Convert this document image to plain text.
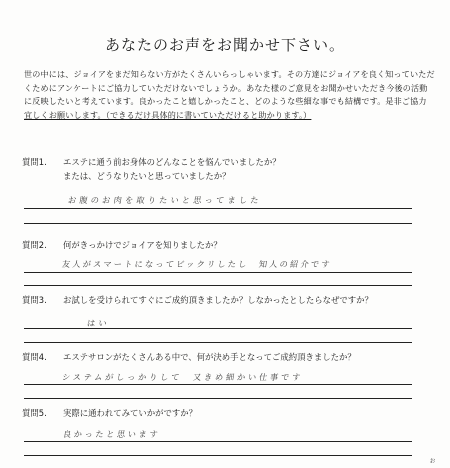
あなたのお声をお聞かせ下さい。
世の中には、ジョイアをまだ知らない方がたくさんいらっしゃいます。その方達にジョイアを良く知っていただ
くためにアンケートにご協力していただけないでしょうか。あなた様のご意見をお聞かせいただき今後の活動
に反映したいと考えています。良かったこと嬉しかったこと、どのような些細な事でも結構です。是非ご協力
宜しくお願いします。（できるだけ具体的に書いていただけると助かります。）
質問1. エステに通う前お身体のどんなことを悩んでいましたか？
または、どうなりたいと思っていましたか？
お腹のお肉を取りたいと思ってました
質問2. 何がきっかけでジョイアを知りましたか？
友人がスマートになってビックリしたし　知人の紹介です
質問3. お試しを受けられてすぐにご成約頂きましたか？しなかったとしたらなぜですか？
はい
質問4. エステサロンがたくさんある中で、何が決め手となってご成約頂きましたか？
システムがしっかりして　又きめ細かい仕事です
質問5. 実際に通われてみていかがですか？
良かったと思います
ぉ
